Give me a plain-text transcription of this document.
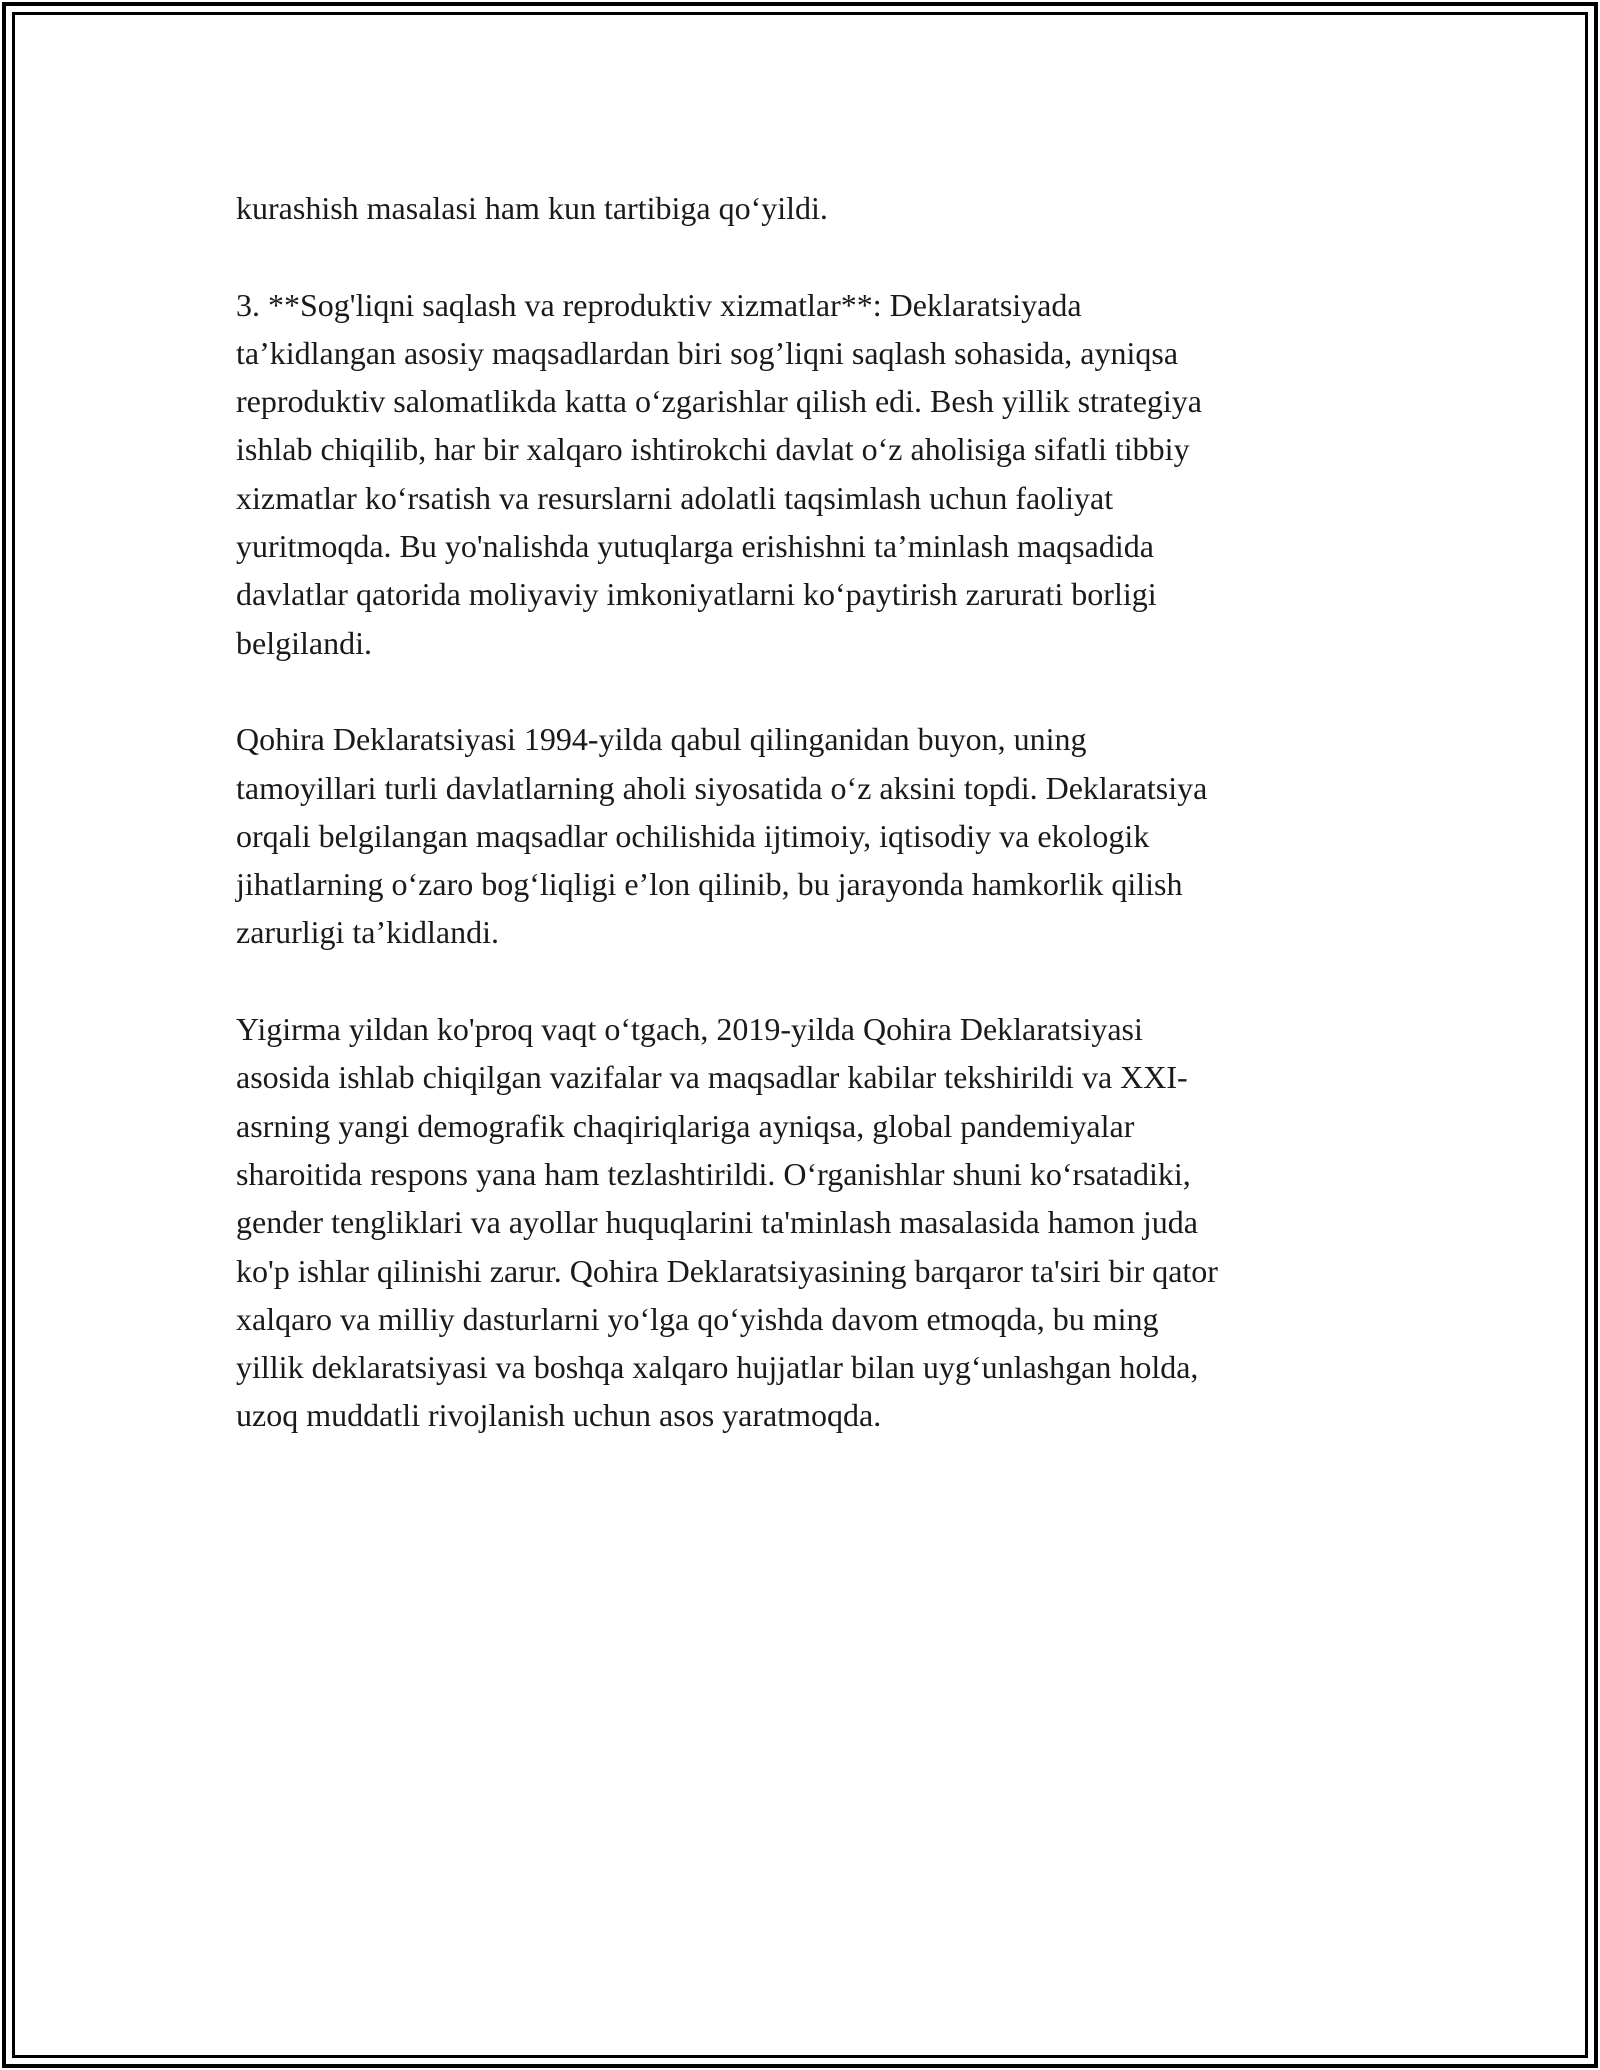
kurashish masalasi ham kun tartibiga qo‘yildi.

3. **Sog'liqni saqlash va reproduktiv xizmatlar**: Deklaratsiyada
ta’kidlangan asosiy maqsadlardan biri sog’liqni saqlash sohasida, ayniqsa
reproduktiv salomatlikda katta o‘zgarishlar qilish edi. Besh yillik strategiya
ishlab chiqilib, har bir xalqaro ishtirokchi davlat o‘z aholisiga sifatli tibbiy
xizmatlar ko‘rsatish va resurslarni adolatli taqsimlash uchun faoliyat
yuritmoqda. Bu yo'nalishda yutuqlarga erishishni ta’minlash maqsadida
davlatlar qatorida moliyaviy imkoniyatlarni ko‘paytirish zarurati borligi
belgilandi.

Qohira Deklaratsiyasi 1994-yilda qabul qilinganidan buyon, uning
tamoyillari turli davlatlarning aholi siyosatida o‘z aksini topdi. Deklaratsiya
orqali belgilangan maqsadlar ochilishida ijtimoiy, iqtisodiy va ekologik
jihatlarning o‘zaro bog‘liqligi e’lon qilinib, bu jarayonda hamkorlik qilish
zarurligi ta’kidlandi.

Yigirma yildan ko'proq vaqt o‘tgach, 2019-yilda Qohira Deklaratsiyasi
asosida ishlab chiqilgan vazifalar va maqsadlar kabilar tekshirildi va XXI-
asrning yangi demografik chaqiriqlariga ayniqsa, global pandemiyalar
sharoitida respons yana ham tezlashtirildi. O‘rganishlar shuni ko‘rsatadiki,
gender tengliklari va ayollar huquqlarini ta'minlash masalasida hamon juda
ko'p ishlar qilinishi zarur. Qohira Deklaratsiyasining barqaror ta'siri bir qator
xalqaro va milliy dasturlarni yo‘lga qo‘yishda davom etmoqda, bu ming
yillik deklaratsiyasi va boshqa xalqaro hujjatlar bilan uyg‘unlashgan holda,
uzoq muddatli rivojlanish uchun asos yaratmoqda.
